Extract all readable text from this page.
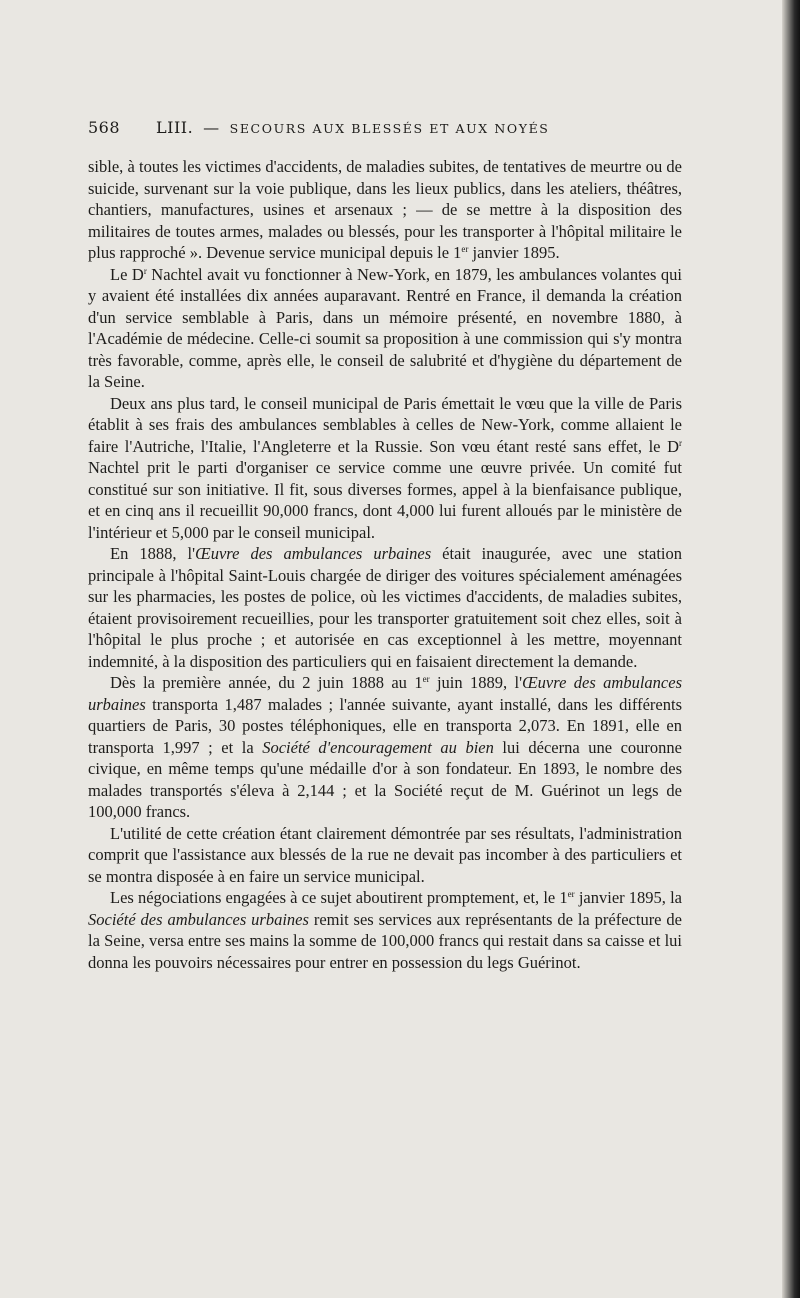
568	LIII. — SECOURS AUX BLESSÉS ET AUX NOYÉS

sible, à toutes les victimes d'accidents, de maladies subites, de tentatives de meurtre ou de suicide, survenant sur la voie publique, dans les lieux publics, dans les ateliers, théâtres, chantiers, manufactures, usines et arsenaux ; — de se mettre à la disposition des militaires de toutes armes, malades ou blessés, pour les transporter à l'hôpital militaire le plus rapproché ». Devenue service municipal depuis le 1er janvier 1895.

Le $D^r$ Nachtel avait vu fonctionner à New-York, en 1879, les ambulances volantes qui y avaient été installées dix années auparavant. Rentré en France, il demanda la création d'un service semblable à Paris, dans un mémoire présenté, en novembre 1880, à l'Académie de médecine. Celle-ci soumit sa proposition à une commission qui s'y montra très favorable, comme, après elle, le conseil de salubrité et d'hygiène du département de la Seine.

Deux ans plus tard, le conseil municipal de Paris émettait le vœu que la ville de Paris établit à ses frais des ambulances semblables à celles de New-York, comme allaient le faire l'Autriche, l'Italie, l'Angleterre et la Russie. Son vœu étant resté sans effet, le $D^r$ Nachtel prit le parti d'organiser ce service comme une œuvre privée. Un comité fut constitué sur son initiative. Il fit, sous diverses formes, appel à la bienfaisance publique, et en cinq ans il recueillit 90,000 francs, dont 4,000 lui furent alloués par le ministère de l'intérieur et 5,000 par le conseil municipal.

En 1888, l'Œuvre des ambulances urbaines était inaugurée, avec une station principale à l'hôpital Saint-Louis chargée de diriger des voitures spécialement aménagées sur les pharmacies, les postes de police, où les victimes d'accidents, de maladies subites, étaient provisoirement recueillies, pour les transporter gratuitement soit chez elles, soit à l'hôpital le plus proche ; et autorisée en cas exceptionnel à les mettre, moyennant indemnité, à la disposition des particuliers qui en faisaient directement la demande.

Dès la première année, du 2 juin 1888 au 1er juin 1889, l'Œuvre des ambulances urbaines transporta 1,487 malades ; l'année suivante, ayant installé, dans les différents quartiers de Paris, 30 postes téléphoniques, elle en transporta 2,073. En 1891, elle en transporta 1,997 ; et la Société d'encouragement au bien lui décerna une couronne civique, en même temps qu'une médaille d'or à son fondateur. En 1893, le nombre des malades transportés s'éleva à 2,144 ; et la Société reçut de M. Guérinot un legs de 100,000 francs.

L'utilité de cette création étant clairement démontrée par ses résultats, l'administration comprit que l'assistance aux blessés de la rue ne devait pas incomber à des particuliers et se montra disposée à en faire un service municipal.

Les négociations engagées à ce sujet aboutirent promptement, et, le 1er janvier 1895, la Société des ambulances urbaines remit ses services aux représentants de la préfecture de la Seine, versa entre ses mains la somme de 100,000 francs qui restait dans sa caisse et lui donna les pouvoirs nécessaires pour entrer en possession du legs Guérinot.
